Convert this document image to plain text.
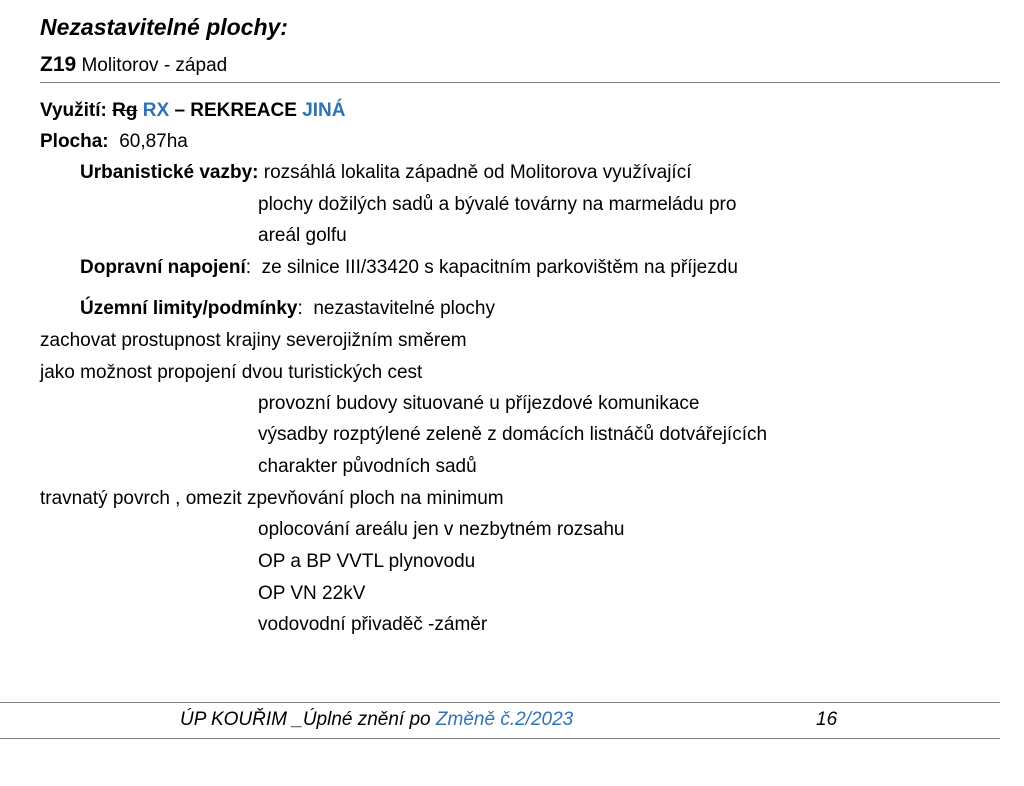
Nezastavitelné plochy:
Z19 Molitorov - západ
Využití: Rg RX – REKREACE JINÁ
Plocha: 60,87ha
Urbanistické vazby: rozsáhlá lokalita západně od Molitorova využívající
plochy dožilých sadů a bývalé továrny na marmeládu pro
areál golfu
Dopravní napojení:  ze silnice III/33420 s kapacitním parkovištěm na příjezdu
Územní limity/podmínky:  nezastavitelné plochy
zachovat prostupnost krajiny severojižním směrem
jako možnost propojení dvou turistických cest
provozní budovy situované u příjezdové komunikace
výsadby rozptýlené zeleně z domácích listnáčů dotvářejících
charakter původních sadů
travnatý povrch , omezit zpevňování ploch na minimum
oplocování areálu jen v nezbytném rozsahu
OP a BP VVTL plynovodu
OP VN 22kV
vodovodní přivaděč -záměr
ÚP KOUŘIM _Úplné znění po Změně č.2/2023	16
